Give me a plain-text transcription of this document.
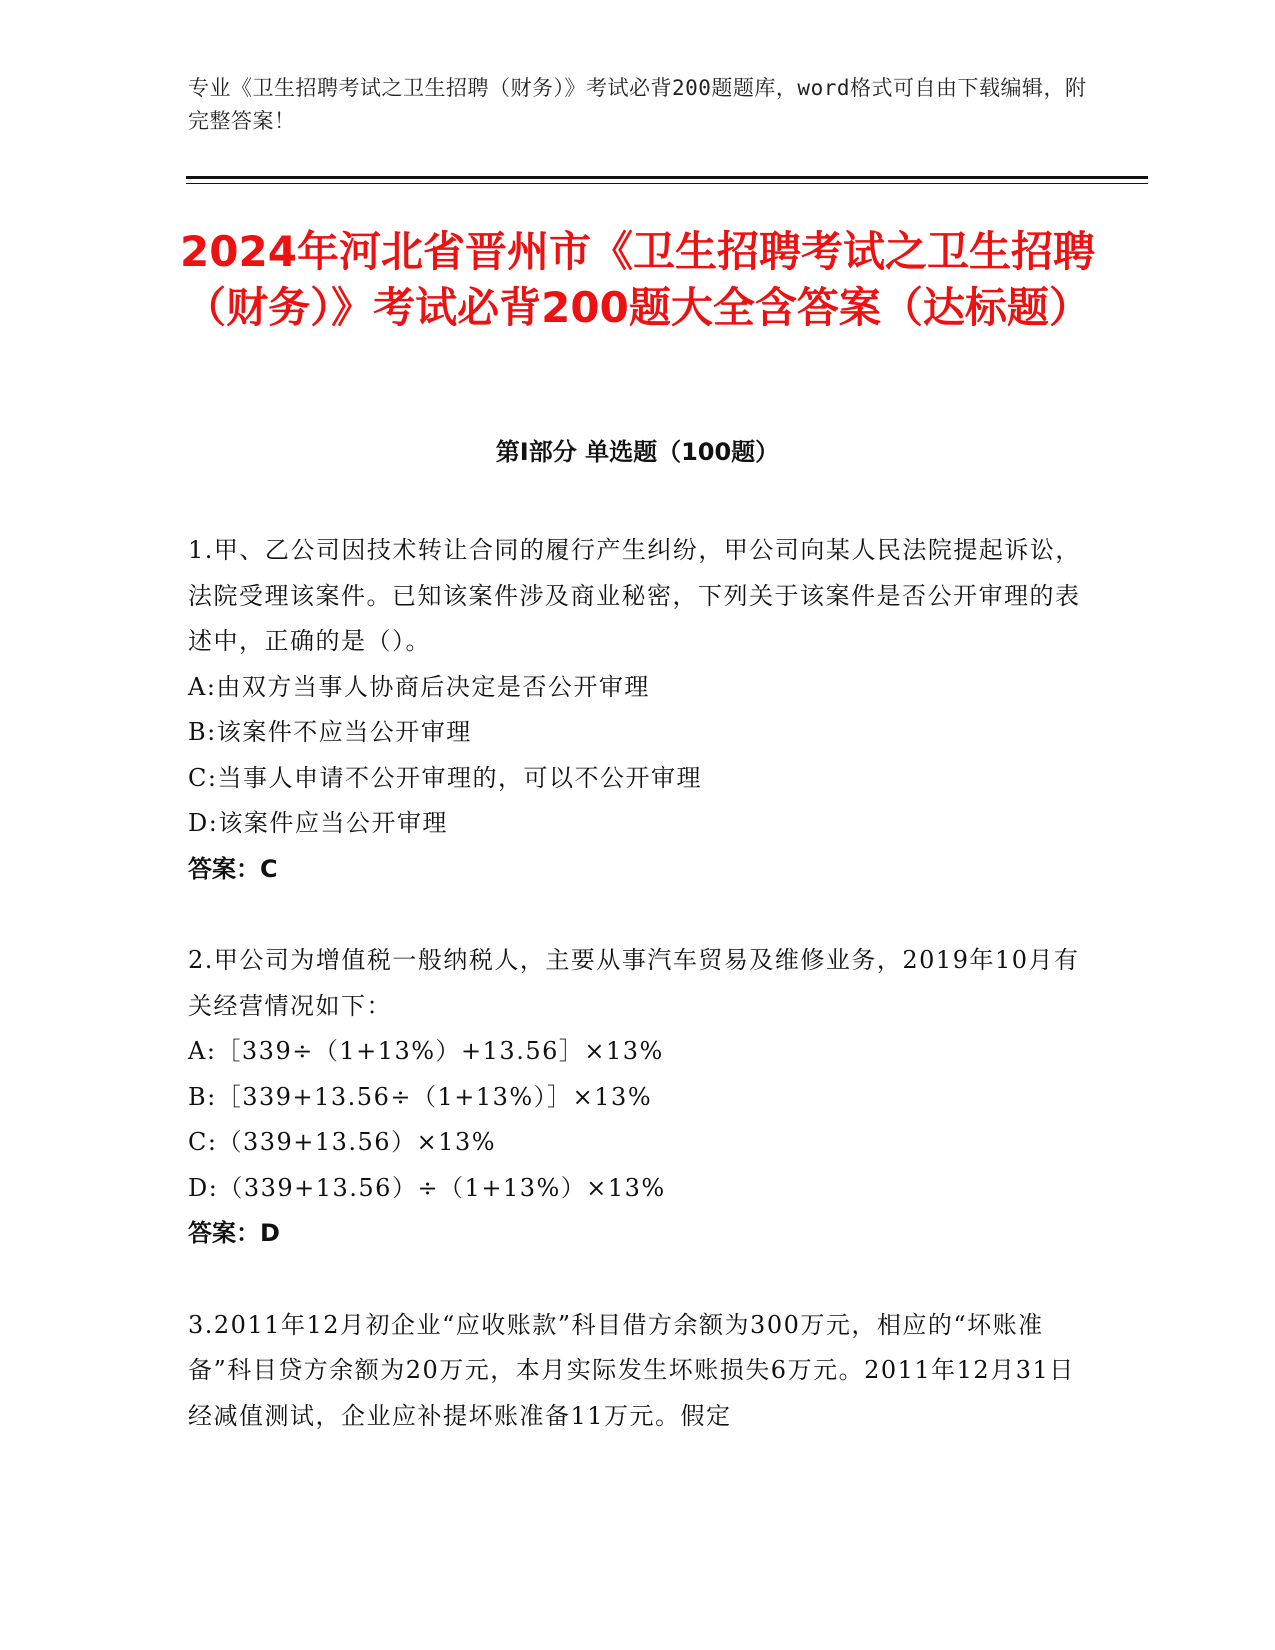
专业《卫生招聘考试之卫生招聘（财务）》考试必背200题题库，word格式可自由下载编辑，附完整答案！
2024年河北省晋州市《卫生招聘考试之卫生招聘（财务）》考试必背200题大全含答案（达标题）
第I部分 单选题（100题）
1.甲、乙公司因技术转让合同的履行产生纠纷，甲公司向某人民法院提起诉讼，法院受理该案件。已知该案件涉及商业秘密，下列关于该案件是否公开审理的表述中，正确的是（）。
A:由双方当事人协商后决定是否公开审理
B:该案件不应当公开审理
C:当事人申请不公开审理的，可以不公开审理
D:该案件应当公开审理
答案：C
2.甲公司为增值税一般纳税人，主要从事汽车贸易及维修业务，2019年10月有关经营情况如下：
A:［339÷（1+13%）+13.56］×13%
B:［339+13.56÷（1+13%）］×13%
C:（339+13.56）×13%
D:（339+13.56）÷（1+13%）×13%
答案：D
3.2011年12月初企业“应收账款”科目借方余额为300万元，相应的“坏账准备”科目贷方余额为20万元，本月实际发生坏账损失6万元。2011年12月31日经减值测试，企业应补提坏账准备11万元。假定
